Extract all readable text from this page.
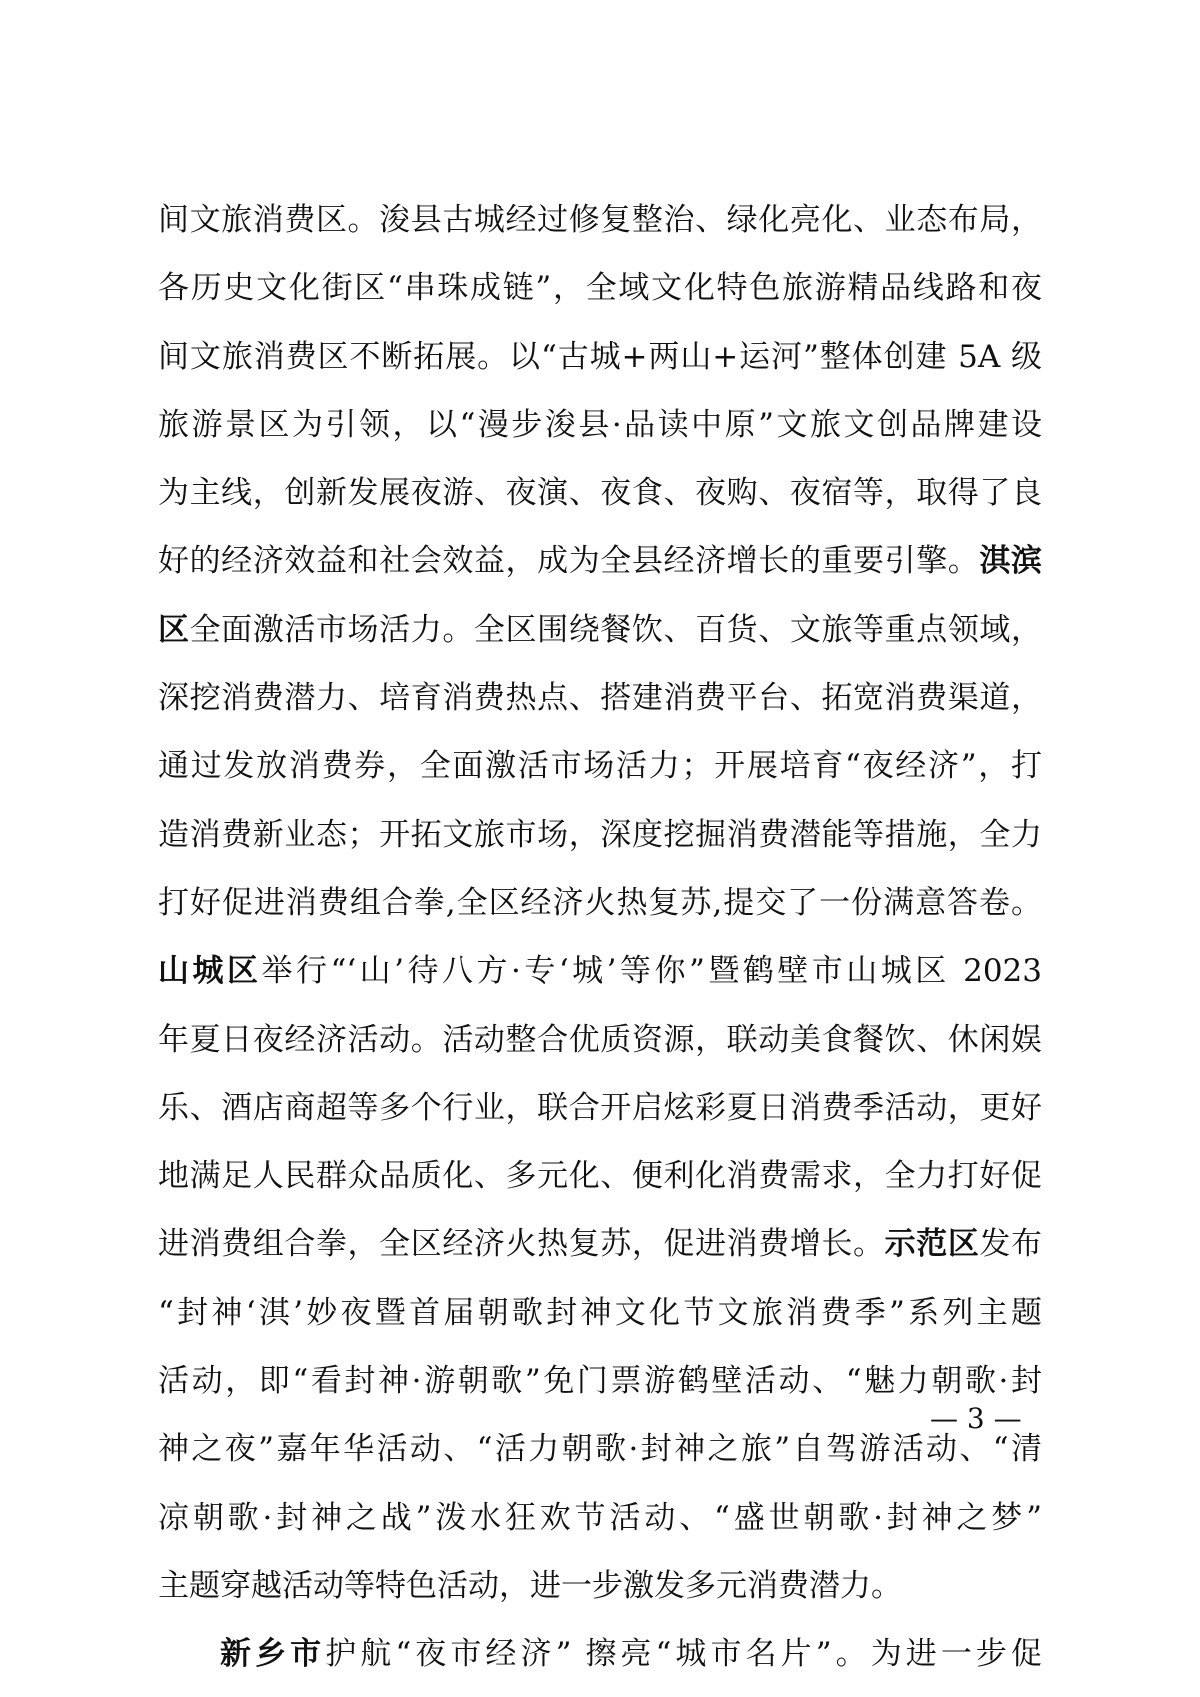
间文旅消费区。浚县古城经过修复整治、绿化亮化、业态布局，
各历史文化街区“串珠成链”，全域文化特色旅游精品线路和夜
间文旅消费区不断拓展。以“古城+两山+运河”整体创建 5A 级
旅游景区为引领，以“漫步浚县·品读中原”文旅文创品牌建设
为主线，创新发展夜游、夜演、夜食、夜购、夜宿等，取得了良
好的经济效益和社会效益，成为全县经济增长的重要引擎。淇滨
区全面激活市场活力。全区围绕餐饮、百货、文旅等重点领域，
深挖消费潜力、培育消费热点、搭建消费平台、拓宽消费渠道，
通过发放消费券，全面激活市场活力；开展培育“夜经济”，打
造消费新业态；开拓文旅市场，深度挖掘消费潜能等措施，全力
打好促进消费组合拳,全区经济火热复苏,提交了一份满意答卷。
山城区举行“‘山’待八方·专‘城’等你”暨鹤壁市山城区 2023
年夏日夜经济活动。活动整合优质资源，联动美食餐饮、休闲娱
乐、酒店商超等多个行业，联合开启炫彩夏日消费季活动，更好
地满足人民群众品质化、多元化、便利化消费需求，全力打好促
进消费组合拳，全区经济火热复苏，促进消费增长。示范区发布
“封神‘淇’妙夜暨首届朝歌封神文化节文旅消费季”系列主题
活动，即“看封神·游朝歌”免门票游鹤壁活动、“魅力朝歌·封
神之夜”嘉年华活动、“活力朝歌·封神之旅”自驾游活动、“清
凉朝歌·封神之战”泼水狂欢节活动、“盛世朝歌·封神之梦”
主题穿越活动等特色活动，进一步激发多元消费潜力。
新乡市护航“夜市经济” 擦亮“城市名片”。为进一步促
— 3 —
